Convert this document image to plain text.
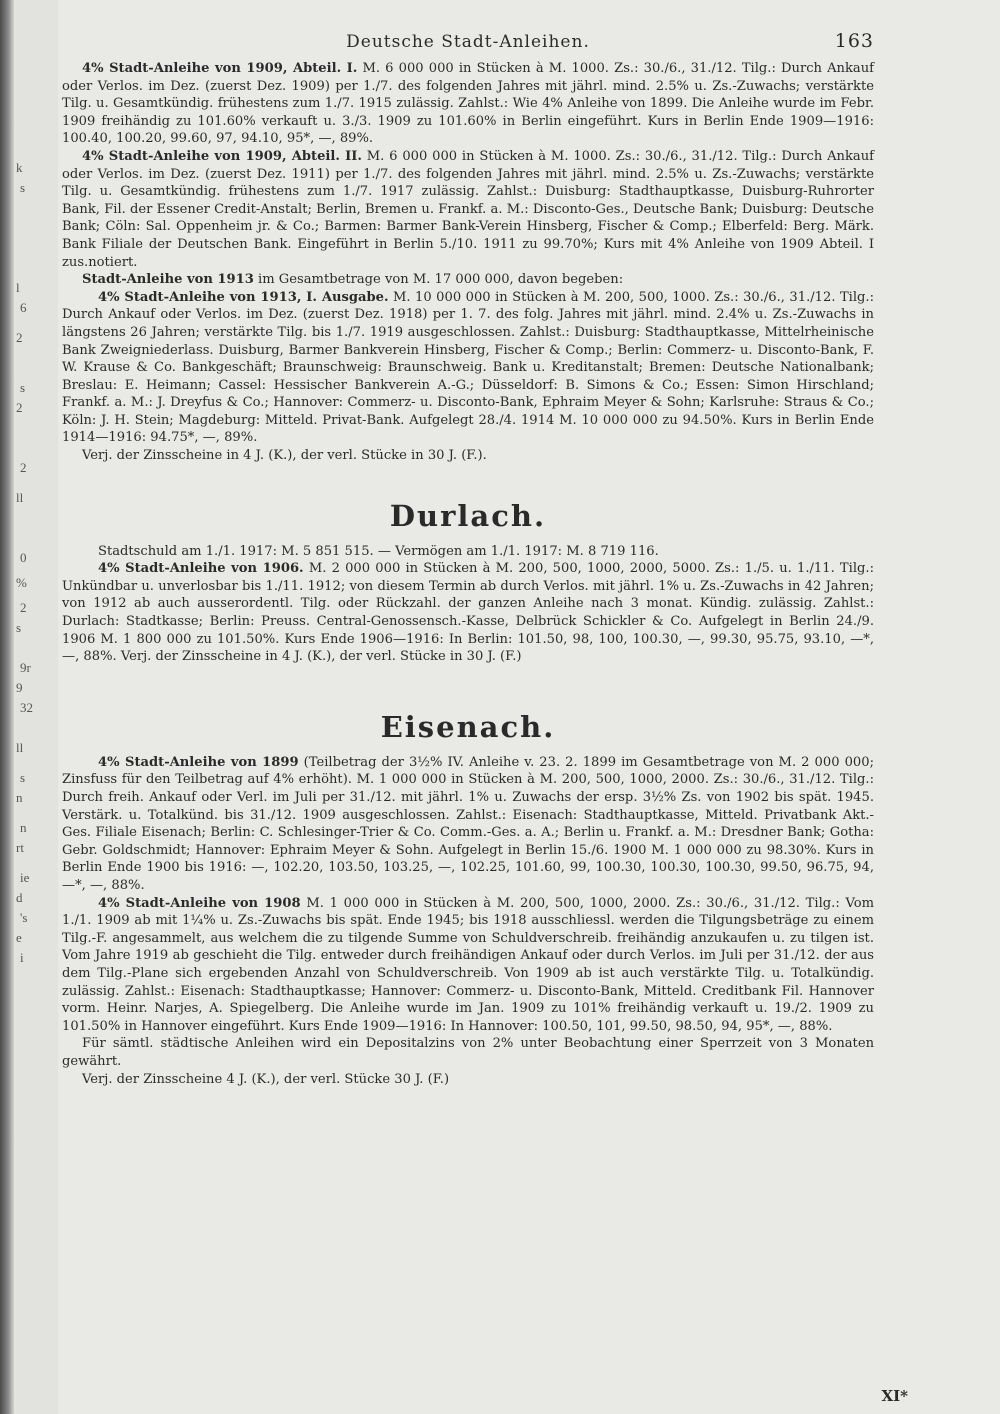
k
s
l
6
2
s
2
2
ll
0
%
2
s
9r
9
32
ll
s
n
n
rt
ie
d
's
e
i
Deutsche Stadt-Anleihen.	163

4% Stadt-Anleihe von 1909, Abteil. I. M. 6 000 000 in Stücken à M. 1000. Zs.: 30./6., 31./12. Tilg.: Durch Ankauf oder Verlos. im Dez. (zuerst Dez. 1909) per 1./7. des folgenden Jahres mit jährl. mind. 2.5% u. Zs.-Zuwachs; verstärkte Tilg. u. Gesamtkündig. frühestens zum 1./7. 1915 zulässig. Zahlst.: Wie 4% Anleihe von 1899. Die Anleihe wurde im Febr. 1909 freihändig zu 101.60% verkauft u. 3./3. 1909 zu 101.60% in Berlin eingeführt. Kurs in Berlin Ende 1909—1916: 100.40, 100.20, 99.60, 97, 94.10, 95*, —, 89%.

4% Stadt-Anleihe von 1909, Abteil. II. M. 6 000 000 in Stücken à M. 1000. Zs.: 30./6., 31./12. Tilg.: Durch Ankauf oder Verlos. im Dez. (zuerst Dez. 1911) per 1./7. des folgenden Jahres mit jährl. mind. 2.5% u. Zs.-Zuwachs; verstärkte Tilg. u. Gesamtkündig. frühestens zum 1./7. 1917 zulässig. Zahlst.: Duisburg: Stadthauptkasse, Duisburg-Ruhrorter Bank, Fil. der Essener Credit-Anstalt; Berlin, Bremen u. Frankf. a. M.: Disconto-Ges., Deutsche Bank; Duisburg: Deutsche Bank; Cöln: Sal. Oppenheim jr. & Co.; Barmen: Barmer Bank-Verein Hinsberg, Fischer & Comp.; Elberfeld: Berg. Märk. Bank Filiale der Deutschen Bank. Eingeführt in Berlin 5./10. 1911 zu 99.70%; Kurs mit 4% Anleihe von 1909 Abteil. I zus.notiert.

Stadt-Anleihe von 1913 im Gesamtbetrage von M. 17 000 000, davon begeben:

4% Stadt-Anleihe von 1913, I. Ausgabe. M. 10 000 000 in Stücken à M. 200, 500, 1000. Zs.: 30./6., 31./12. Tilg.: Durch Ankauf oder Verlos. im Dez. (zuerst Dez. 1918) per 1. 7. des folg. Jahres mit jährl. mind. 2.4% u. Zs.-Zuwachs in längstens 26 Jahren; verstärkte Tilg. bis 1./7. 1919 ausgeschlossen. Zahlst.: Duisburg: Stadthauptkasse, Mittelrheinische Bank Zweigniederlass. Duisburg, Barmer Bankverein Hinsberg, Fischer & Comp.; Berlin: Commerz- u. Disconto-Bank, F. W. Krause & Co. Bankgeschäft; Braunschweig: Braunschweig. Bank u. Kreditanstalt; Bremen: Deutsche Nationalbank; Breslau: E. Heimann; Cassel: Hessischer Bankverein A.-G.; Düsseldorf: B. Simons & Co.; Essen: Simon Hirschland; Frankf. a. M.: J. Dreyfus & Co.; Hannover: Commerz- u. Disconto-Bank, Ephraim Meyer & Sohn; Karlsruhe: Straus & Co.; Köln: J. H. Stein; Magdeburg: Mitteld. Privat-Bank. Aufgelegt 28./4. 1914 M. 10 000 000 zu 94.50%. Kurs in Berlin Ende 1914—1916: 94.75*, —, 89%.

Verj. der Zinsscheine in 4 J. (K.), der verl. Stücke in 30 J. (F.).

Durlach.

Stadtschuld am 1./1. 1917: M. 5 851 515. — Vermögen am 1./1. 1917: M. 8 719 116.

4% Stadt-Anleihe von 1906. M. 2 000 000 in Stücken à M. 200, 500, 1000, 2000, 5000. Zs.: 1./5. u. 1./11. Tilg.: Unkündbar u. unverlosbar bis 1./11. 1912; von diesem Termin ab durch Verlos. mit jährl. 1% u. Zs.-Zuwachs in 42 Jahren; von 1912 ab auch ausserordentl. Tilg. oder Rückzahl. der ganzen Anleihe nach 3 monat. Kündig. zulässig. Zahlst.: Durlach: Stadtkasse; Berlin: Preuss. Central-Genossensch.-Kasse, Delbrück Schickler & Co. Aufgelegt in Berlin 24./9. 1906 M. 1 800 000 zu 101.50%. Kurs Ende 1906—1916: In Berlin: 101.50, 98, 100, 100.30, —, 99.30, 95.75, 93.10, —*, —, 88%. Verj. der Zinsscheine in 4 J. (K.), der verl. Stücke in 30 J. (F.)

Eisenach.

4% Stadt-Anleihe von 1899 (Teilbetrag der 3½% IV. Anleihe v. 23. 2. 1899 im Gesamtbetrage von M. 2 000 000; Zinsfuss für den Teilbetrag auf 4% erhöht). M. 1 000 000 in Stücken à M. 200, 500, 1000, 2000. Zs.: 30./6., 31./12. Tilg.: Durch freih. Ankauf oder Verl. im Juli per 31./12. mit jährl. 1% u. Zuwachs der ersp. 3½% Zs. von 1902 bis spät. 1945. Verstärk. u. Totalkünd. bis 31./12. 1909 ausgeschlossen. Zahlst.: Eisenach: Stadthauptkasse, Mitteld. Privatbank Akt.-Ges. Filiale Eisenach; Berlin: C. Schlesinger-Trier & Co. Comm.-Ges. a. A.; Berlin u. Frankf. a. M.: Dresdner Bank; Gotha: Gebr. Goldschmidt; Hannover: Ephraim Meyer & Sohn. Aufgelegt in Berlin 15./6. 1900 M. 1 000 000 zu 98.30%. Kurs in Berlin Ende 1900 bis 1916: —, 102.20, 103.50, 103.25, —, 102.25, 101.60, 99, 100.30, 100.30, 100.30, 99.50, 96.75, 94, —*, —, 88%.

4% Stadt-Anleihe von 1908 M. 1 000 000 in Stücken à M. 200, 500, 1000, 2000. Zs.: 30./6., 31./12. Tilg.: Vom 1./1. 1909 ab mit 1¼% u. Zs.-Zuwachs bis spät. Ende 1945; bis 1918 ausschliessl. werden die Tilgungsbeträge zu einem Tilg.-F. angesammelt, aus welchem die zu tilgende Summe von Schuldverschreib. freihändig anzukaufen u. zu tilgen ist. Vom Jahre 1919 ab geschieht die Tilg. entweder durch freihändigen Ankauf oder durch Verlos. im Juli per 31./12. der aus dem Tilg.-Plane sich ergebenden Anzahl von Schuldverschreib. Von 1909 ab ist auch verstärkte Tilg. u. Totalkündig. zulässig. Zahlst.: Eisenach: Stadthauptkasse; Hannover: Commerz- u. Disconto-Bank, Mitteld. Creditbank Fil. Hannover vorm. Heinr. Narjes, A. Spiegelberg. Die Anleihe wurde im Jan. 1909 zu 101% freihändig verkauft u. 19./2. 1909 zu 101.50% in Hannover eingeführt. Kurs Ende 1909—1916: In Hannover: 100.50, 101, 99.50, 98.50, 94, 95*, —, 88%.

Für sämtl. städtische Anleihen wird ein Depositalzins von 2% unter Beobachtung einer Sperrzeit von 3 Monaten gewährt.

Verj. der Zinsscheine 4 J. (K.), der verl. Stücke 30 J. (F.)

XI*
